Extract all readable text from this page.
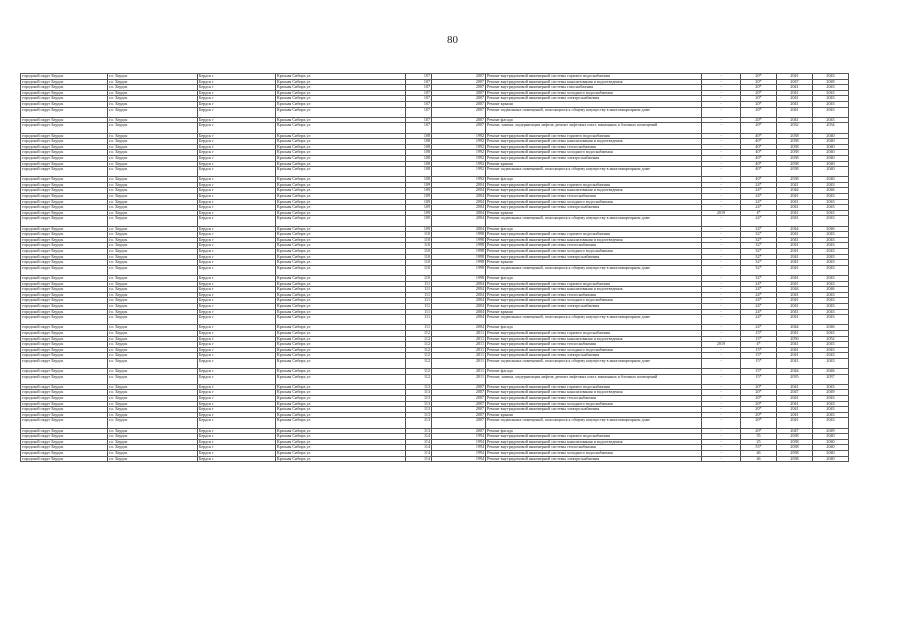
80
городской округ Бердск	г.о. Бердск	Бердск г	Красная Сибирь ул	107	2007	Ремонт внутридомовой инженерной системы горячего водоснабжения	-	20*	2041	2043
городской округ Бердск	г.о. Бердск	Бердск г	Красная Сибирь ул	107	2007	Ремонт внутридомовой инженерной системы канализования и водоотведения	-	20*	2047	2049
городской округ Бердск	г.о. Бердск	Бердск г	Красная Сибирь ул	107	2007	Ремонт внутридомовой инженерной системы газоснабжения	-	20*	2041	2043
городской округ Бердск	г.о. Бердск	Бердск г	Красная Сибирь ул	107	2007	Ремонт внутридомовой инженерной системы холодного водоснабжения	-	20*	2041	2043
городской округ Бердск	г.о. Бердск	Бердск г	Красная Сибирь ул	107	2007	Ремонт внутридомовой инженерной системы электроснабжения	-	20*	2041	2043
городской округ Бердск	г.о. Бердск	Бердск г	Красная Сибирь ул	107	2007	Ремонт крыши	-	20*	2041	2043
городской округ Бердск	г.о. Бердск	Бердск г	Красная Сибирь ул	107	2007	Ремонт подвальных помещений, относящихся к общему имуществу в многоквартирном доме	-	20*	2041	2043
городской округ Бердск	г.о. Бердск	Бердск г	Красная Сибирь ул	107	2007	Ремонт фасада	-	20*	2041	2043
городской округ Бердск	г.о. Бердск	Бердск г	Красная Сибирь ул	107	2007	Ремонт, замена, модернизация лифтов, ремонт лифтовых шахт, машинных и блочных помещений	-	20*	2032	2034
городской округ Бердск	г.о. Бердск	Бердск г	Красная Сибирь ул	108	1992	Ремонт внутридомовой инженерной системы горячего водоснабжения	-	40*	2038	2040
городской округ Бердск	г.о. Бердск	Бердск г	Красная Сибирь ул	108	1992	Ремонт внутридомовой инженерной системы канализования и водоотведения	-	40*	2038	2040
городской округ Бердск	г.о. Бердск	Бердск г	Красная Сибирь ул	108	1992	Ремонт внутридомовой инженерной системы теплоснабжения	-	40*	2038	2040
городской округ Бердск	г.о. Бердск	Бердск г	Красная Сибирь ул	108	1992	Ремонт внутридомовой инженерной системы холодного водоснабжения	-	40*	2038	2040
городской округ Бердск	г.о. Бердск	Бердск г	Красная Сибирь ул	108	1992	Ремонт внутридомовой инженерной системы электроснабжения	-	40*	2038	2040
городской округ Бердск	г.о. Бердск	Бердск г	Красная Сибирь ул	108	1992	Ремонт крыши	-	40*	2038	2040
городской округ Бердск	г.о. Бердск	Бердск г	Красная Сибирь ул	108	1992	Ремонт подвальных помещений, относящихся к общему имуществу в многоквартирном доме	-	40*	2038	2040
городской округ Бердск	г.о. Бердск	Бердск г	Красная Сибирь ул	108	1992	Ремонт фасада	-	40*	2038	2040
городской округ Бердск	г.о. Бердск	Бердск г	Красная Сибирь ул	109	2004	Ремонт внутридомовой инженерной системы горячего водоснабжения	-	24*	2041	2043
городской округ Бердск	г.о. Бердск	Бердск г	Красная Сибирь ул	109	2004	Ремонт внутридомовой инженерной системы канализования и водоотведения	-	24*	2044	2046
городской округ Бердск	г.о. Бердск	Бердск г	Красная Сибирь ул	109	2004	Ремонт внутридомовой инженерной системы теплоснабжения	-	24*	2041	2043
городской округ Бердск	г.о. Бердск	Бердск г	Красная Сибирь ул	109	2004	Ремонт внутридомовой инженерной системы холодного водоснабжения	-	24*	2041	2043
городской округ Бердск	г.о. Бердск	Бердск г	Красная Сибирь ул	109	2004	Ремонт внутридомовой инженерной системы электроснабжения	-	24*	2041	2043
городской округ Бердск	г.о. Бердск	Бердск г	Красная Сибирь ул	109	2004	Ремонт крыши	2019	4*	2041	2043
городской округ Бердск	г.о. Бердск	Бердск г	Красная Сибирь ул	109	2004	Ремонт подвальных помещений, относящихся к общему имуществу в многоквартирном доме	-	24*	2041	2043
городской округ Бердск	г.о. Бердск	Бердск г	Красная Сибирь ул	109	2004	Ремонт фасада	-	24*	2044	2046
городской округ Бердск	г.о. Бердск	Бердск г	Красная Сибирь ул	110	1998	Ремонт внутридомовой инженерной системы горячего водоснабжения	-	32*	2041	2043
городской округ Бердск	г.о. Бердск	Бердск г	Красная Сибирь ул	110	1998	Ремонт внутридомовой инженерной системы канализования и водоотведения	-	32*	2041	2043
городской округ Бердск	г.о. Бердск	Бердск г	Красная Сибирь ул	110	1998	Ремонт внутридомовой инженерной системы теплоснабжения	-	32*	2041	2043
городской округ Бердск	г.о. Бердск	Бердск г	Красная Сибирь ул	110	1998	Ремонт внутридомовой инженерной системы холодного водоснабжения	-	32*	2041	2043
городской округ Бердск	г.о. Бердск	Бердск г	Красная Сибирь ул	110	1998	Ремонт внутридомовой инженерной системы электроснабжения	-	32*	2041	2043
городской округ Бердск	г.о. Бердск	Бердск г	Красная Сибирь ул	110	1998	Ремонт крыши	-	32*	2041	2043
городской округ Бердск	г.о. Бердск	Бердск г	Красная Сибирь ул	110	1998	Ремонт подвальных помещений, относящихся к общему имуществу в многоквартирном доме	-	32*	2041	2043
городской округ Бердск	г.о. Бердск	Бердск г	Красная Сибирь ул	110	1998	Ремонт фасада	-	32*	2041	2043
городской округ Бердск	г.о. Бердск	Бердск г	Красная Сибирь ул	111	2004	Ремонт внутридомовой инженерной системы горячего водоснабжения	-	24*	2041	2043
городской округ Бердск	г.о. Бердск	Бердск г	Красная Сибирь ул	111	2004	Ремонт внутридомовой инженерной системы канализования и водоотведения	-	24*	2044	2046
городской округ Бердск	г.о. Бердск	Бердск г	Красная Сибирь ул	111	2004	Ремонт внутридомовой инженерной системы теплоснабжения	-	24*	2041	2043
городской округ Бердск	г.о. Бердск	Бердск г	Красная Сибирь ул	111	2004	Ремонт внутридомовой инженерной системы холодного водоснабжения	-	24*	2041	2043
городской округ Бердск	г.о. Бердск	Бердск г	Красная Сибирь ул	111	2004	Ремонт внутридомовой инженерной системы электроснабжения	-	24*	2041	2043
городской округ Бердск	г.о. Бердск	Бердск г	Красная Сибирь ул	111	2004	Ремонт крыши	-	24*	2041	2043
городской округ Бердск	г.о. Бердск	Бердск г	Красная Сибирь ул	111	2004	Ремонт подвальных помещений, относящихся к общему имуществу в многоквартирном доме	-	24*	2041	2043
городской округ Бердск	г.о. Бердск	Бердск г	Красная Сибирь ул	111	2004	Ремонт фасада	-	24*	2044	2046
городской округ Бердск	г.о. Бердск	Бердск г	Красная Сибирь ул	112	2011	Ремонт внутридомовой инженерной системы горячего водоснабжения	-	15*	2041	2043
городской округ Бердск	г.о. Бердск	Бердск г	Красная Сибирь ул	112	2011	Ремонт внутридомовой инженерной системы канализования и водоотведения	-	15*	2050	2052
городской округ Бердск	г.о. Бердск	Бердск г	Красная Сибирь ул	112	2011	Ремонт внутридомовой инженерной системы теплоснабжения	2019	4*	2041	2043
городской округ Бердск	г.о. Бердск	Бердск г	Красная Сибирь ул	112	2011	Ремонт внутридомовой инженерной системы холодного водоснабжения	-	15*	2041	2043
городской округ Бердск	г.о. Бердск	Бердск г	Красная Сибирь ул	112	2011	Ремонт внутридомовой инженерной системы электроснабжения	-	15*	2041	2043
городской округ Бердск	г.о. Бердск	Бердск г	Красная Сибирь ул	112	2011	Ремонт подвальных помещений, относящихся к общему имуществу в многоквартирном доме	-	15*	2041	2043
городской округ Бердск	г.о. Бердск	Бердск г	Красная Сибирь ул	112	2011	Ремонт фасада	-	15*	2044	2046
городской округ Бердск	г.о. Бердск	Бердск г	Красная Сибирь ул	112	2011	Ремонт, замена, модернизация лифтов, ремонт лифтовых шахт, машинных и блочных помещений	-	15*	2035	2037
городской округ Бердск	г.о. Бердск	Бердск г	Красная Сибирь ул	113	2007	Ремонт внутридомовой инженерной системы горячего водоснабжения	-	20*	2041	2043
городской округ Бердск	г.о. Бердск	Бердск г	Красная Сибирь ул	113	2007	Ремонт внутридомовой инженерной системы канализования и водоотведения	-	20*	2047	2049
городской округ Бердск	г.о. Бердск	Бердск г	Красная Сибирь ул	113	2007	Ремонт внутридомовой инженерной системы теплоснабжения	-	20*	2041	2043
городской округ Бердск	г.о. Бердск	Бердск г	Красная Сибирь ул	113	2007	Ремонт внутридомовой инженерной системы холодного водоснабжения	-	20*	2041	2043
городской округ Бердск	г.о. Бердск	Бердск г	Красная Сибирь ул	113	2007	Ремонт внутридомовой инженерной системы электроснабжения	-	20*	2041	2043
городской округ Бердск	г.о. Бердск	Бердск г	Красная Сибирь ул	113	2007	Ремонт крыши	-	20*	2041	2043
городской округ Бердск	г.о. Бердск	Бердск г	Красная Сибирь ул	113	2007	Ремонт подвальных помещений, относящихся к общему имуществу в многоквартирном доме	-	20*	2041	2043
городской округ Бердск	г.о. Бердск	Бердск г	Красная Сибирь ул	113	2007	Ремонт фасада	-	20*	2047	2049
городской округ Бердск	г.о. Бердск	Бердск г	Красная Сибирь ул	114	1994	Ремонт внутридомовой инженерной системы горячего водоснабжения	-	55	2038	2040
городской округ Бердск	г.о. Бердск	Бердск г	Красная Сибирь ул	114	1994	Ремонт внутридомовой инженерной системы канализования и водоотведения	-	25	2038	2040
городской округ Бердск	г.о. Бердск	Бердск г	Красная Сибирь ул	114	1994	Ремонт внутридомовой инженерной системы теплоснабжения	-	55*	2038	2040
городской округ Бердск	г.о. Бердск	Бердск г	Красная Сибирь ул	114	1994	Ремонт внутридомовой инженерной системы холодного водоснабжения	-	46	2038	2040
городской округ Бердск	г.о. Бердск	Бердск г	Красная Сибирь ул	114	1994	Ремонт внутридомовой инженерной системы электроснабжения	-	46	2038	2040
